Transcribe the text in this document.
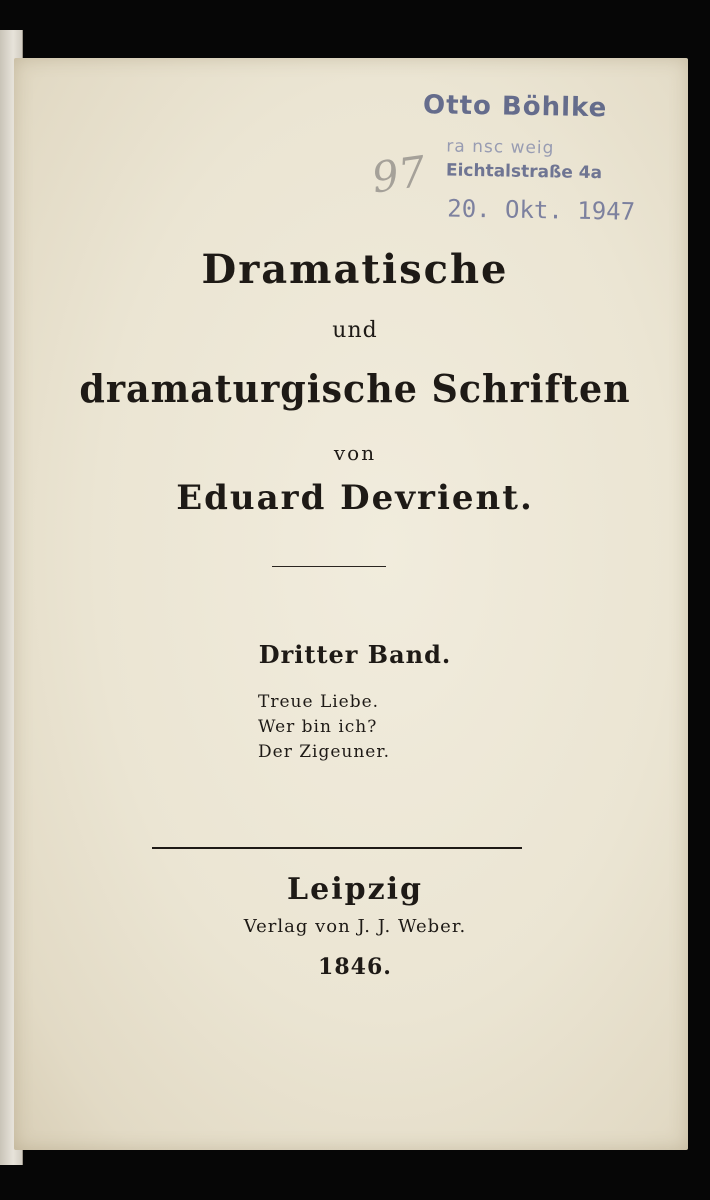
Otto Böhlke
ra nsc weig
Eichtalstraße 4a
20. Okt. 1947
97
Dramatische
und
dramaturgische Schriften
von
Eduard Devrient.
Dritter Band.
Treue Liebe.
Wer bin ich?
Der Zigeuner.
Leipzig
Verlag von J. J. Weber.
1846.
